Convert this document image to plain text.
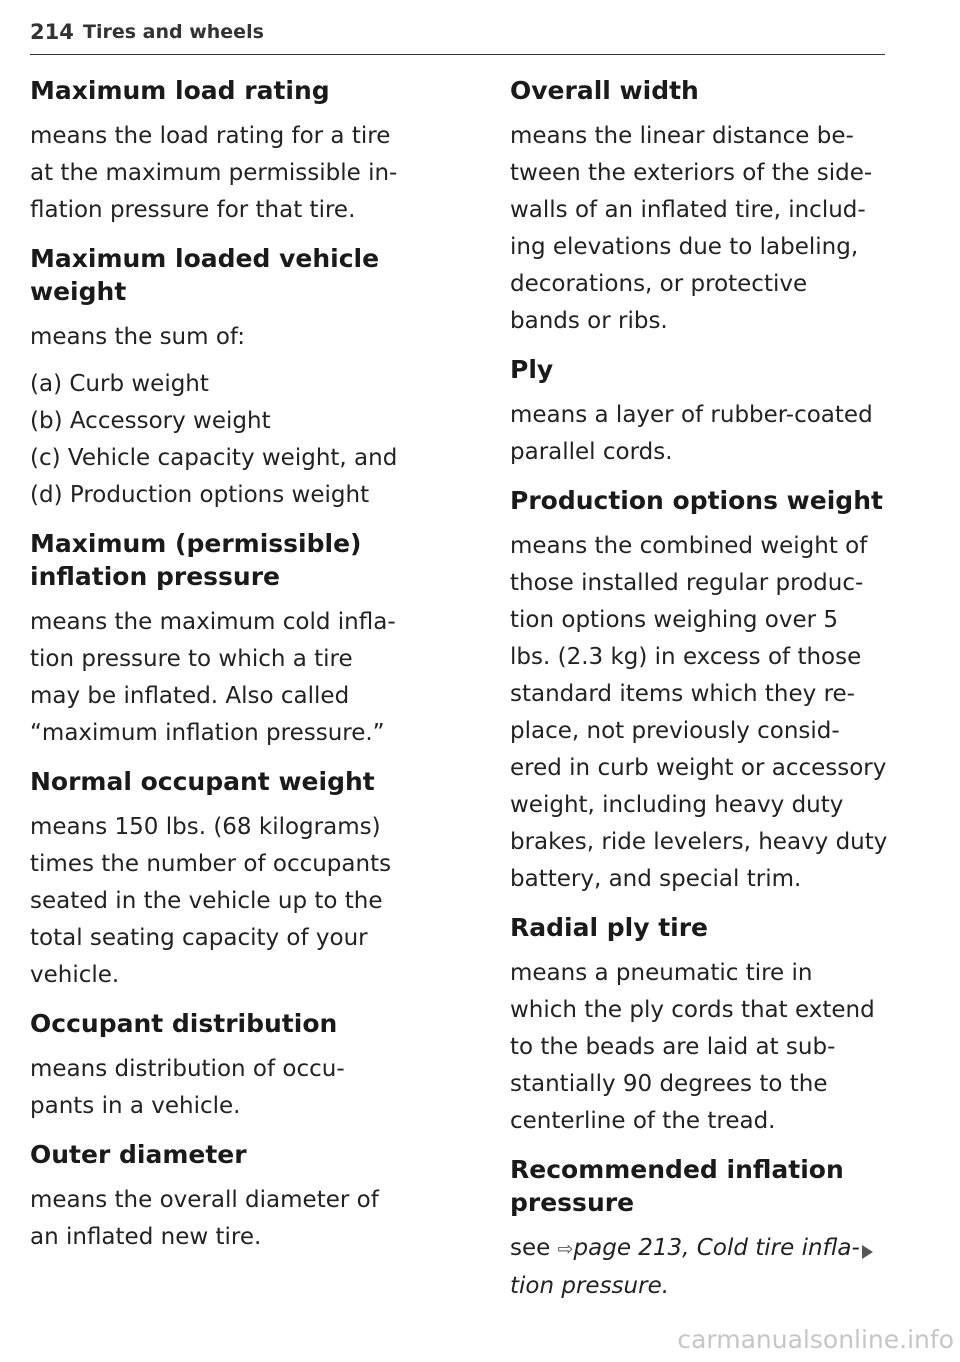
214 Tires and wheels
Maximum load rating
means the load rating for a tire
at the maximum permissible in-
flation pressure for that tire.
Maximum loaded vehicle
weight
means the sum of:
(a) Curb weight
(b) Accessory weight
(c) Vehicle capacity weight, and
(d) Production options weight
Maximum (permissible)
inflation pressure
means the maximum cold infla-
tion pressure to which a tire
may be inflated. Also called
“maximum inflation pressure.”
Normal occupant weight
means 150 lbs. (68 kilograms)
times the number of occupants
seated in the vehicle up to the
total seating capacity of your
vehicle.
Occupant distribution
means distribution of occu-
pants in a vehicle.
Outer diameter
means the overall diameter of
an inflated new tire.
Overall width
means the linear distance be-
tween the exteriors of the side-
walls of an inflated tire, includ-
ing elevations due to labeling,
decorations, or protective
bands or ribs.
Ply
means a layer of rubber-coated
parallel cords.
Production options weight
means the combined weight of
those installed regular produc-
tion options weighing over 5
lbs. (2.3 kg) in excess of those
standard items which they re-
place, not previously consid-
ered in curb weight or accessory
weight, including heavy duty
brakes, ride levelers, heavy duty
battery, and special trim.
Radial ply tire
means a pneumatic tire in
which the ply cords that extend
to the beads are laid at sub-
stantially 90 degrees to the
centerline of the tread.
Recommended inflation
pressure
see ⇨page 213, Cold tire infla-
tion pressure.
carmanualsonline.info
